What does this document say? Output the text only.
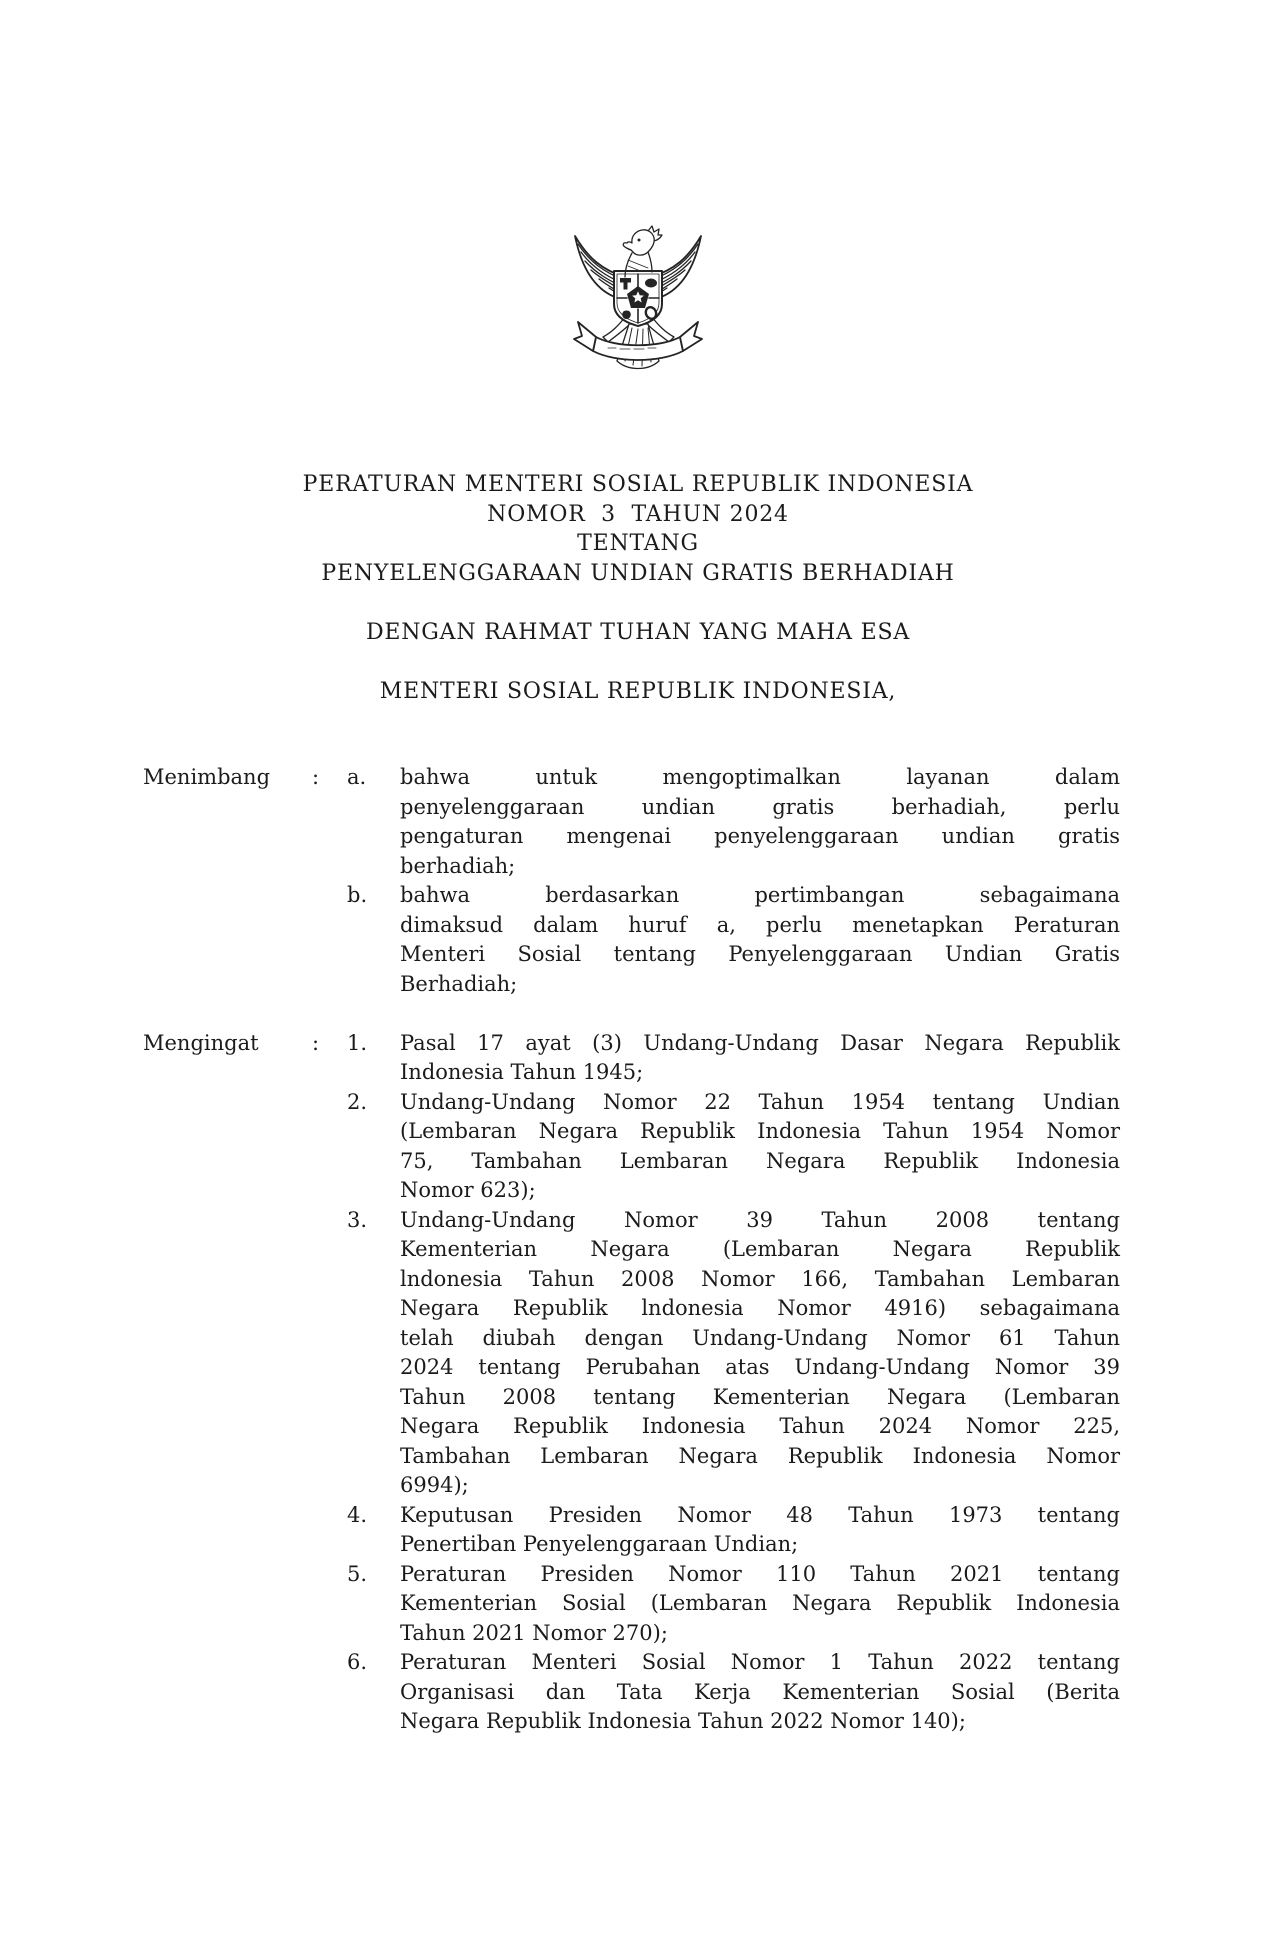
PERATURAN MENTERI SOSIAL REPUBLIK INDONESIA
NOMOR  3  TAHUN 2024
TENTANG
PENYELENGGARAAN UNDIAN GRATIS BERHADIAH
DENGAN RAHMAT TUHAN YANG MAHA ESA
MENTERI SOSIAL REPUBLIK INDONESIA,
Menimbang	:	a.	bahwa untuk mengoptimalkan layanan dalam
penyelenggaraan undian gratis berhadiah, perlu
pengaturan mengenai penyelenggaraan undian gratis
berhadiah;
b.	bahwa berdasarkan pertimbangan sebagaimana
dimaksud dalam huruf a, perlu menetapkan Peraturan
Menteri Sosial tentang Penyelenggaraan Undian Gratis
Berhadiah;
Mengingat	:	1.	Pasal 17 ayat (3) Undang-Undang Dasar Negara Republik
Indonesia Tahun 1945;
2.	Undang-Undang Nomor 22 Tahun 1954 tentang Undian
(Lembaran Negara Republik Indonesia Tahun 1954 Nomor
75, Tambahan Lembaran Negara Republik Indonesia
Nomor 623);
3.	Undang-Undang Nomor 39 Tahun 2008 tentang
Kementerian Negara (Lembaran Negara Republik
lndonesia Tahun 2008 Nomor 166, Tambahan Lembaran
Negara Republik lndonesia Nomor 4916) sebagaimana
telah diubah dengan Undang-Undang Nomor 61 Tahun
2024 tentang Perubahan atas Undang-Undang Nomor 39
Tahun 2008 tentang Kementerian Negara (Lembaran
Negara Republik Indonesia Tahun 2024 Nomor 225,
Tambahan Lembaran Negara Republik Indonesia Nomor
6994);
4.	Keputusan Presiden Nomor 48 Tahun 1973 tentang
Penertiban Penyelenggaraan Undian;
5.	Peraturan Presiden Nomor 110 Tahun 2021 tentang
Kementerian Sosial (Lembaran Negara Republik Indonesia
Tahun 2021 Nomor 270);
6.	Peraturan Menteri Sosial Nomor 1 Tahun 2022 tentang
Organisasi dan Tata Kerja Kementerian Sosial (Berita
Negara Republik Indonesia Tahun 2022 Nomor 140);
